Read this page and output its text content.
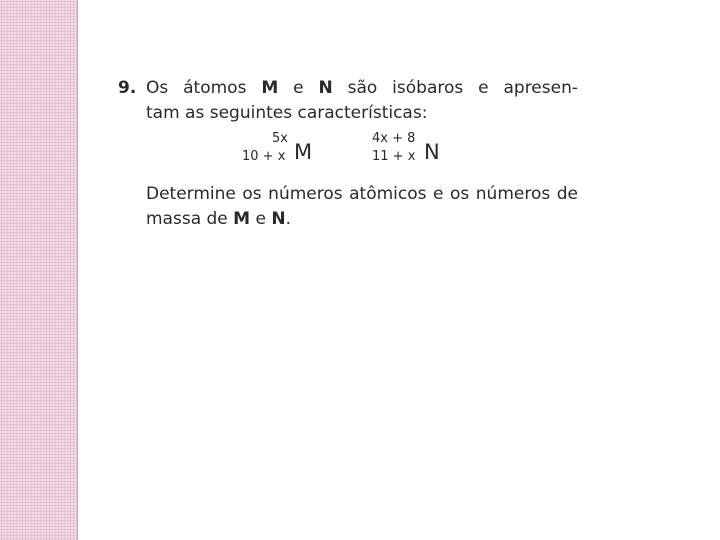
9. Os átomos M e N são isóbaros e apresen-

tam as seguintes características:

5x
10 + x M
4x + 8
11 + x N

Determine os números atômicos e os números de massa de M e N.
